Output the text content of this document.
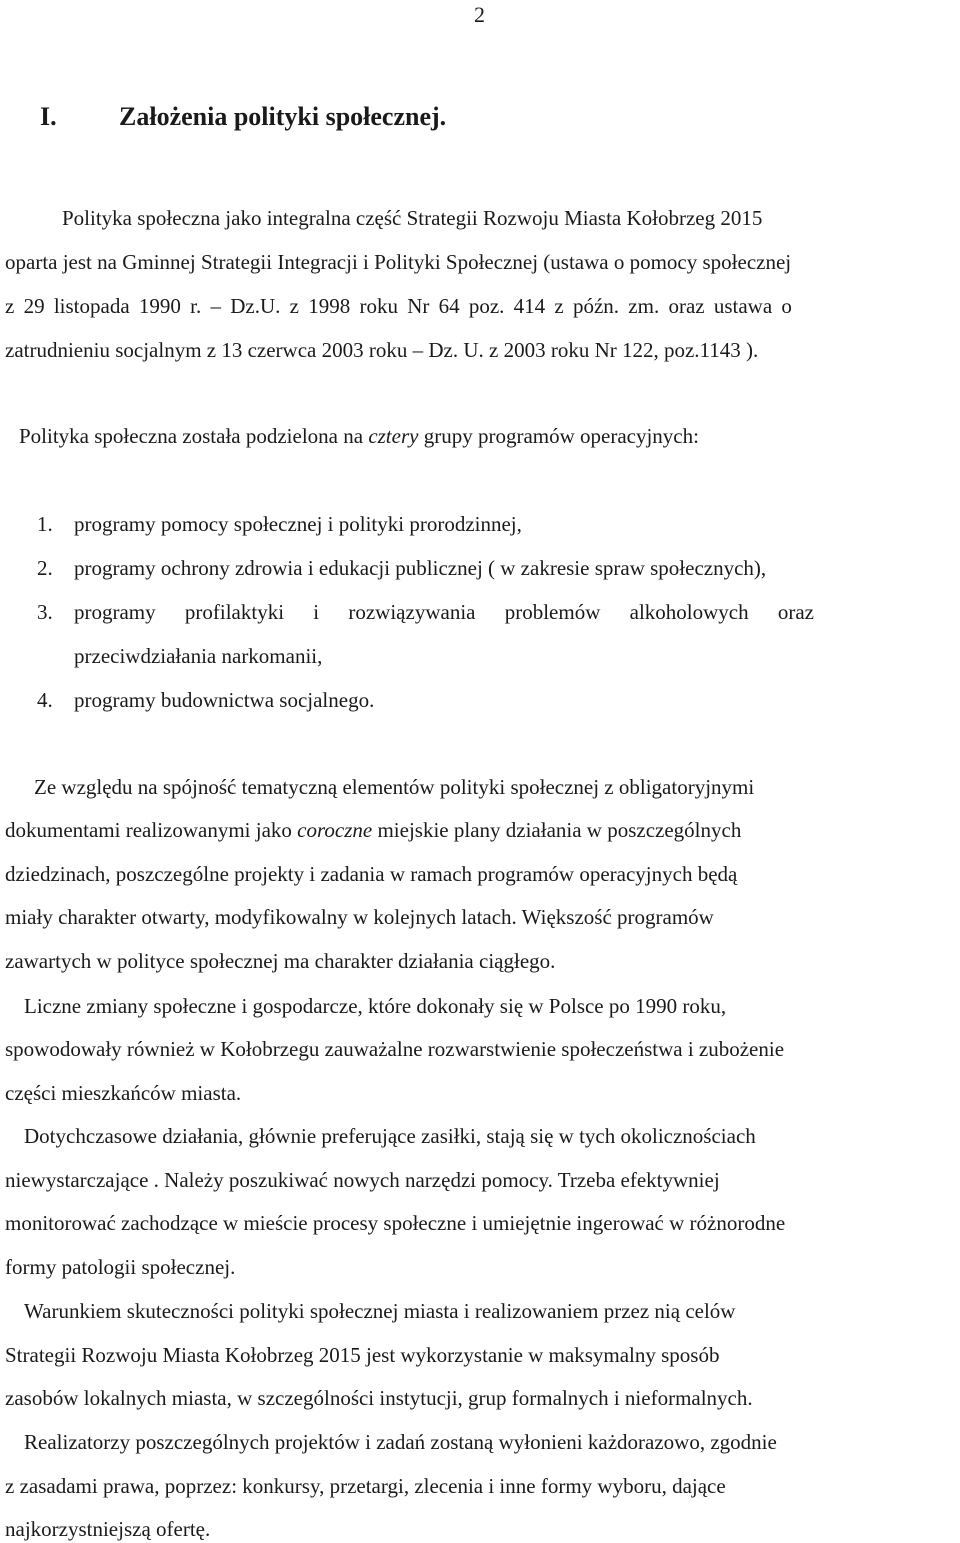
2
I. Założenia polityki społecznej.
Polityka społeczna jako integralna część Strategii Rozwoju Miasta Kołobrzeg 2015
oparta jest na Gminnej Strategii Integracji i Polityki Społecznej (ustawa o pomocy społecznej
z 29 listopada 1990 r. – Dz.U. z 1998 roku Nr 64 poz. 414 z późn. zm. oraz ustawa o
zatrudnieniu socjalnym z 13 czerwca 2003 roku – Dz. U. z 2003 roku Nr 122, poz.1143 ).
Polityka społeczna została podzielona na cztery grupy programów operacyjnych:
1. programy pomocy społecznej i polityki prorodzinnej,
2. programy ochrony zdrowia i edukacji publicznej ( w zakresie spraw społecznych),
3.	programy profilaktyki i rozwiązywania problemów alkoholowych oraz
przeciwdziałania narkomanii,
4. programy budownictwa socjalnego.
Ze względu na spójność tematyczną elementów polityki społecznej z obligatoryjnymi
dokumentami realizowanymi jako coroczne miejskie plany działania w poszczególnych
dziedzinach, poszczególne projekty i zadania w ramach programów operacyjnych będą
miały charakter otwarty, modyfikowalny w kolejnych latach. Większość programów
zawartych w polityce społecznej ma charakter działania ciągłego.
Liczne zmiany społeczne i gospodarcze, które dokonały się w Polsce po 1990 roku,
spowodowały również w Kołobrzegu zauważalne rozwarstwienie społeczeństwa i zubożenie
części mieszkańców miasta.
Dotychczasowe działania, głównie preferujące zasiłki, stają się w tych okolicznościach
niewystarczające . Należy poszukiwać nowych narzędzi pomocy. Trzeba efektywniej
monitorować zachodzące w mieście procesy społeczne i umiejętnie ingerować w różnorodne
formy patologii społecznej.
Warunkiem skuteczności polityki społecznej miasta i realizowaniem przez nią celów
Strategii Rozwoju Miasta Kołobrzeg 2015 jest wykorzystanie w maksymalny sposób
zasobów lokalnych miasta, w szczególności instytucji, grup formalnych i nieformalnych.
Realizatorzy poszczególnych projektów i zadań zostaną wyłonieni każdorazowo, zgodnie
z zasadami prawa, poprzez: konkursy, przetargi, zlecenia i inne formy wyboru, dające
najkorzystniejszą ofertę.
